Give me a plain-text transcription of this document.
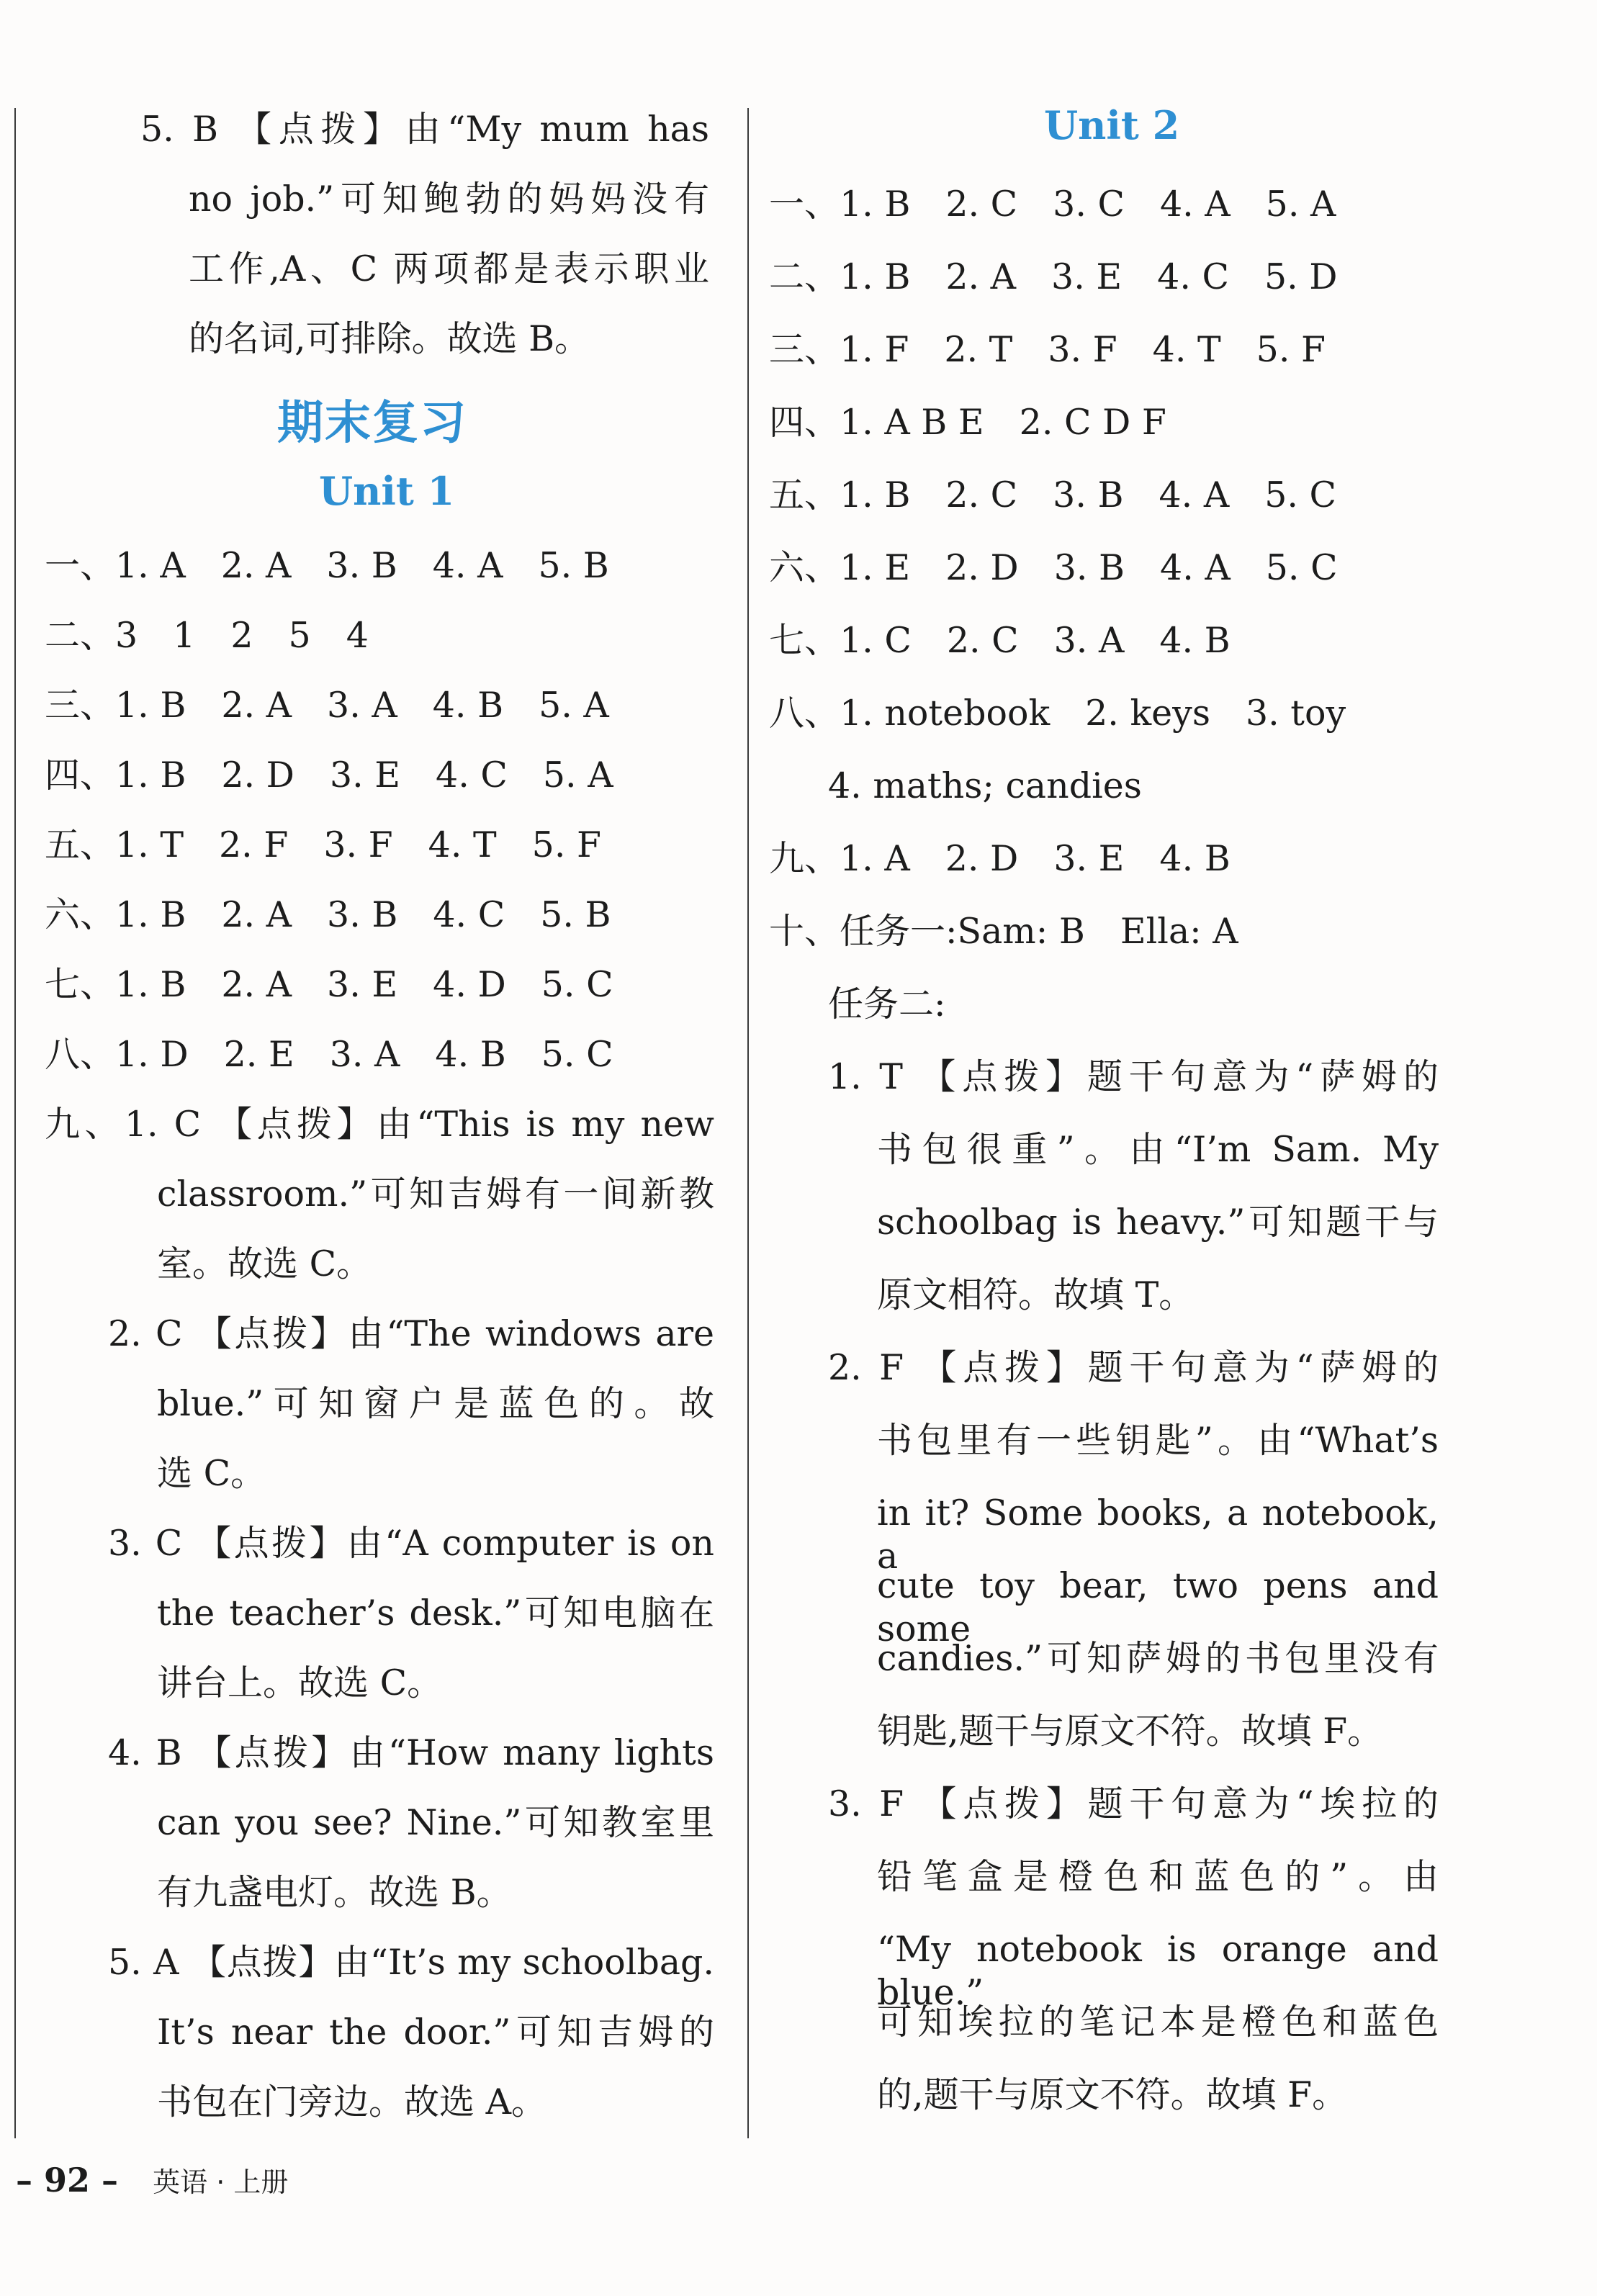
5. B 【点拨】由“My mum has
no job.”可知鲍勃的妈妈没有
工作,A、C 两项都是表示职业
的名词,可排除。故选 B。
期末复习
Unit 1
一、1. A　2. A　3. B　4. A　5. B
二、3　1　2　5　4
三、1. B　2. A　3. A　4. B　5. A
四、1. B　2. D　3. E　4. C　5. A
五、1. T　2. F　3. F　4. T　5. F
六、1. B　2. A　3. B　4. C　5. B
七、1. B　2. A　3. E　4. D　5. C
八、1. D　2. E　3. A　4. B　5. C
九、1. C 【点拨】由“This is my new
classroom.”可知吉姆有一间新教
室。故选 C。
2. C 【点拨】由“The windows are
blue.”可知窗户是蓝色的。故
选 C。
3. C 【点拨】由“A computer is on
the teacher’s desk.”可知电脑在
讲台上。故选 C。
4. B 【点拨】由“How many lights
can you see? Nine.”可知教室里
有九盏电灯。故选 B。
5. A 【点拨】由“It’s my schoolbag.
It’s near the door.”可知吉姆的
书包在门旁边。故选 A。
Unit 2
一、1. B　2. C　3. C　4. A　5. A
二、1. B　2. A　3. E　4. C　5. D
三、1. F　2. T　3. F　4. T　5. F
四、1. A B E　2. C D F
五、1. B　2. C　3. B　4. A　5. C
六、1. E　2. D　3. B　4. A　5. C
七、1. C　2. C　3. A　4. B
八、1. notebook　2. keys　3. toy
4. maths; candies
九、1. A　2. D　3. E　4. B
十、任务一:Sam: B　Ella: A
任务二:
1. T 【点拨】题干句意为“萨姆的
书包很重”。由“I’m Sam. My
schoolbag is heavy.”可知题干与
原文相符。故填 T。
2. F 【点拨】题干句意为“萨姆的
书包里有一些钥匙”。由“What’s
in it? Some books, a notebook, a
cute toy bear, two pens and some
candies.”可知萨姆的书包里没有
钥匙,题干与原文不符。故填 F。
3. F 【点拨】题干句意为“埃拉的
铅笔盒是橙色和蓝色的”。由
“My notebook is orange and blue.”
可知埃拉的笔记本是橙色和蓝色
的,题干与原文不符。故填 F。
– 92 – 英语 · 上册
